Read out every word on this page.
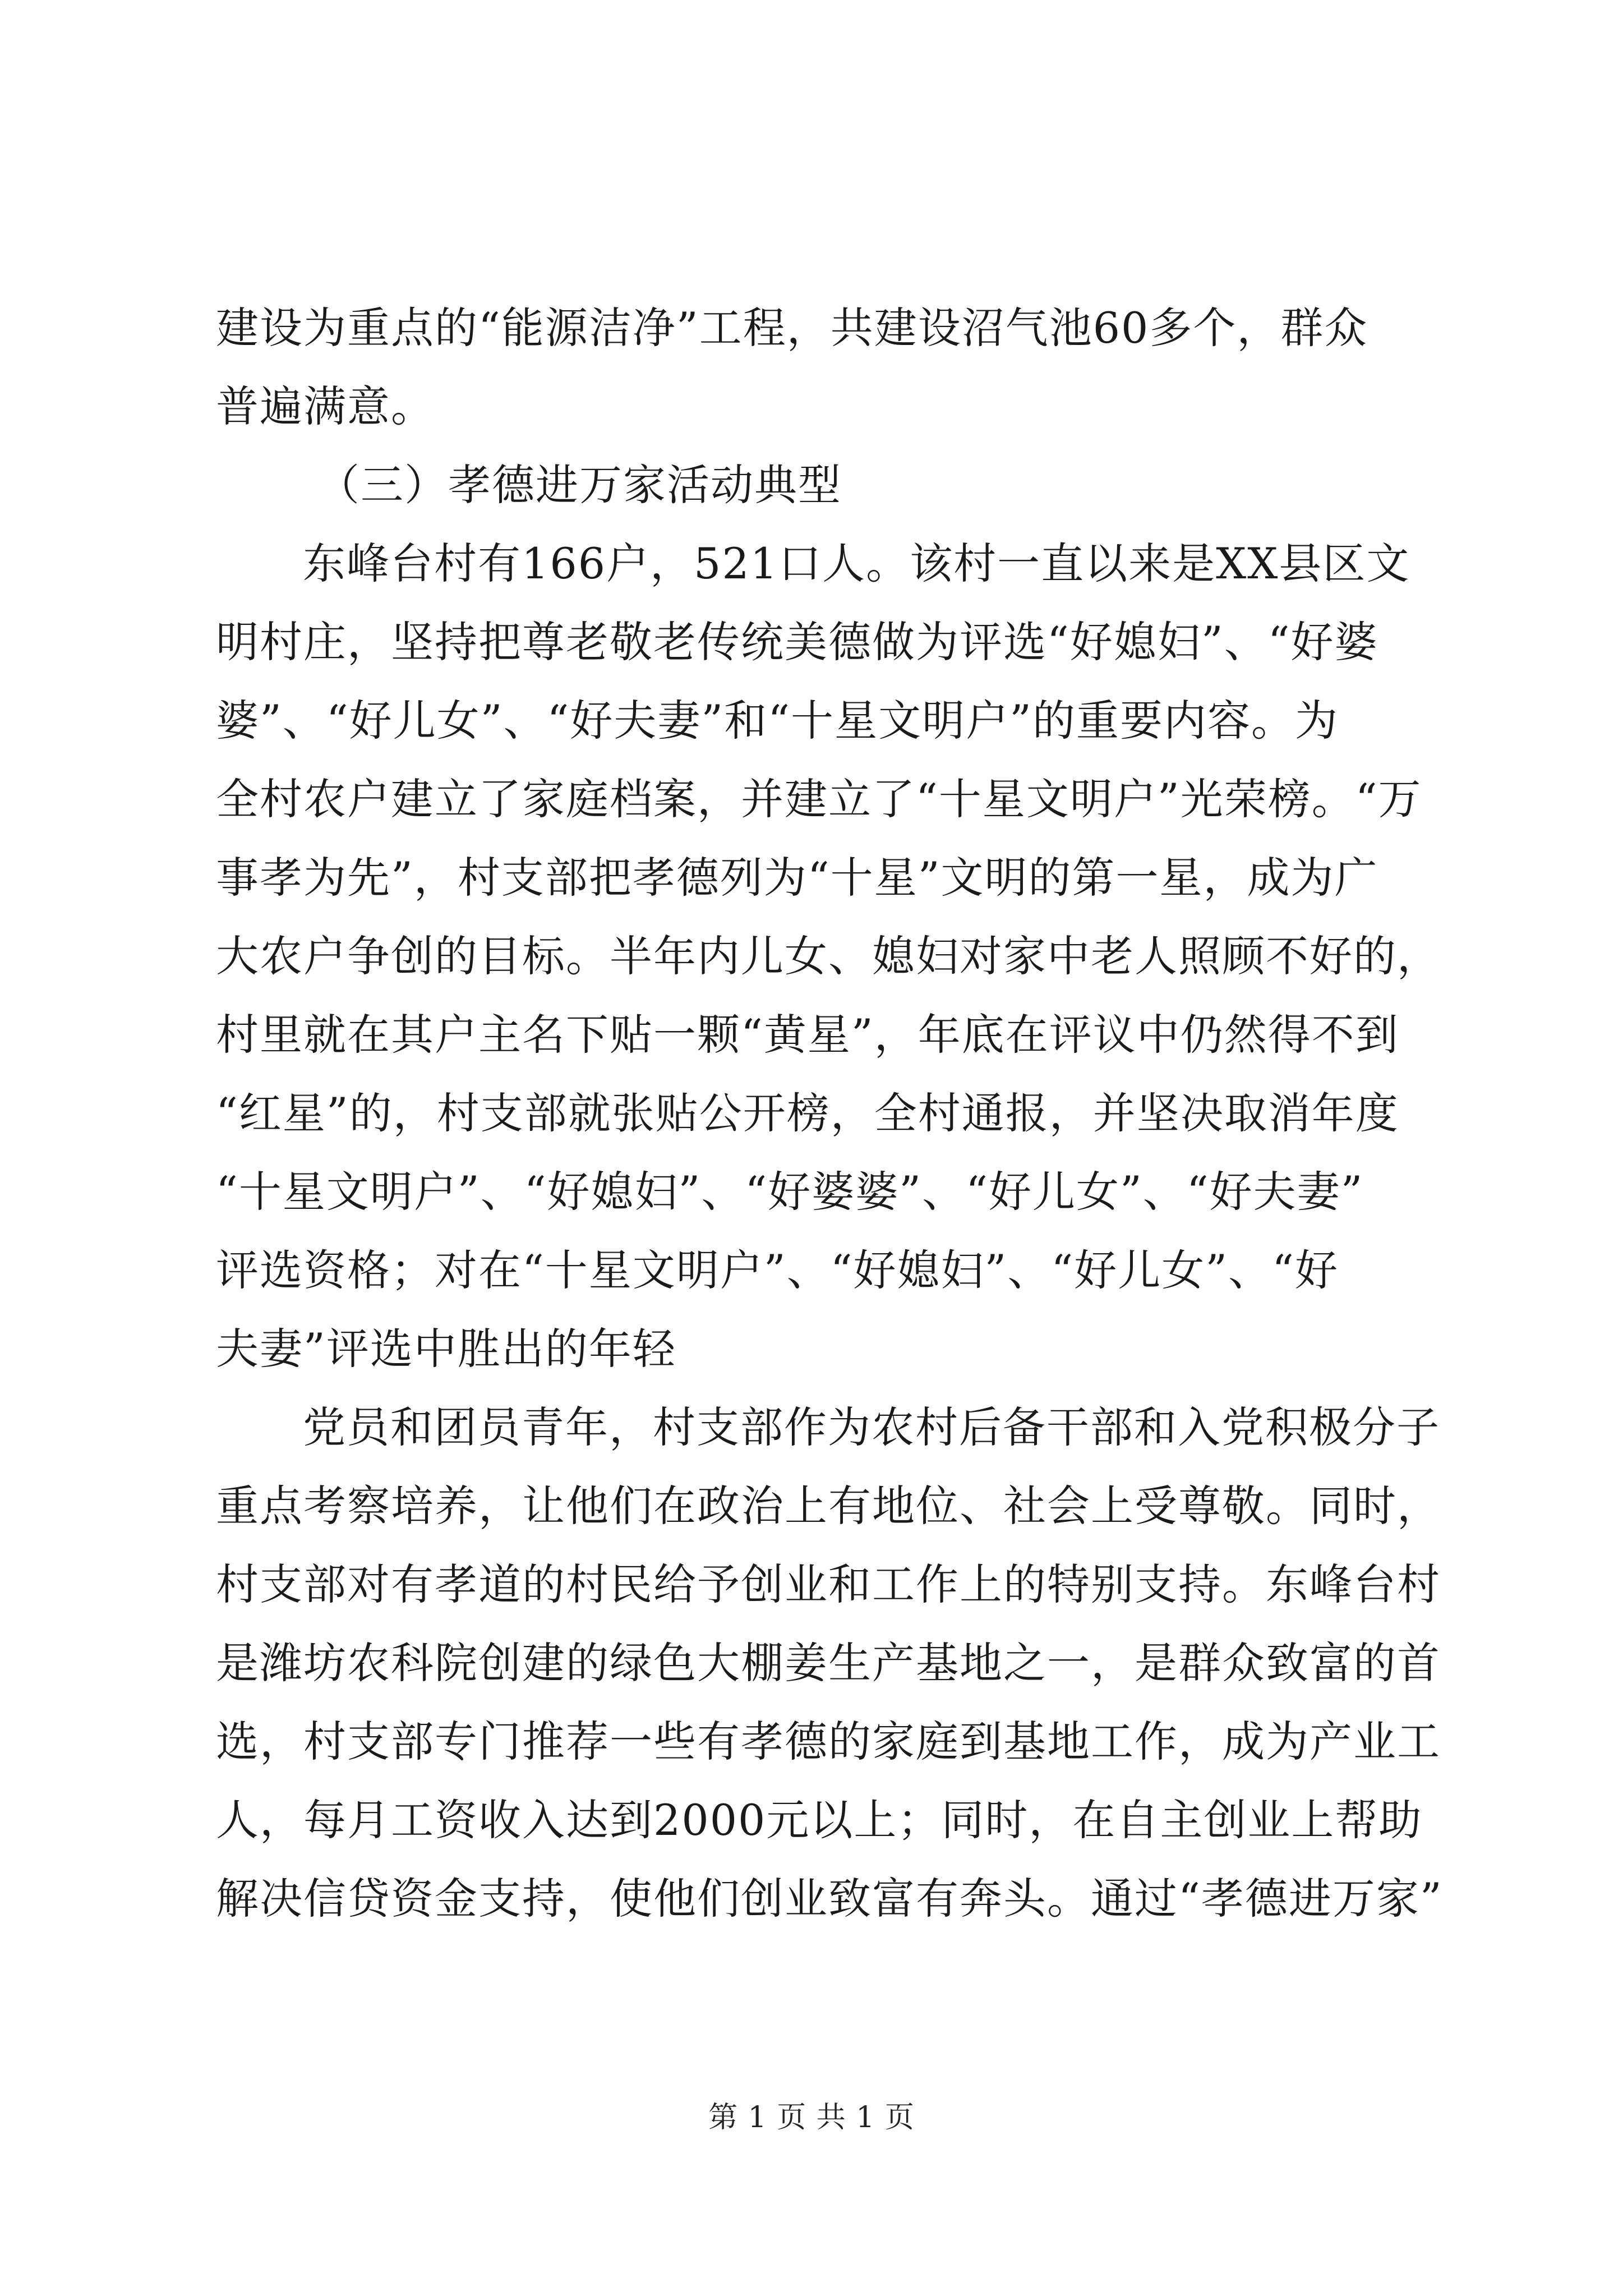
建设为重点的“能源洁净”工程，共建设沼气池60多个，群众
普遍满意。
（三）孝德进万家活动典型
东峰台村有166户，521口人。该村一直以来是XX县区文
明村庄，坚持把尊老敬老传统美德做为评选“好媳妇”、“好婆
婆”、“好儿女”、“好夫妻”和“十星文明户”的重要内容。为
全村农户建立了家庭档案，并建立了“十星文明户”光荣榜。“万
事孝为先”，村支部把孝德列为“十星”文明的第一星，成为广
大农户争创的目标。半年内儿女、媳妇对家中老人照顾不好的，
村里就在其户主名下贴一颗“黄星”，年底在评议中仍然得不到
“红星”的，村支部就张贴公开榜，全村通报，并坚决取消年度
“十星文明户”、“好媳妇”、“好婆婆”、“好儿女”、“好夫妻”
评选资格；对在“十星文明户”、“好媳妇”、“好儿女”、“好
夫妻”评选中胜出的年轻
党员和团员青年，村支部作为农村后备干部和入党积极分子
重点考察培养，让他们在政治上有地位、社会上受尊敬。同时，
村支部对有孝道的村民给予创业和工作上的特别支持。东峰台村
是潍坊农科院创建的绿色大棚姜生产基地之一，是群众致富的首
选，村支部专门推荐一些有孝德的家庭到基地工作，成为产业工
人，每月工资收入达到2000元以上；同时，在自主创业上帮助
解决信贷资金支持，使他们创业致富有奔头。通过“孝德进万家”
第 1 页 共 1 页
